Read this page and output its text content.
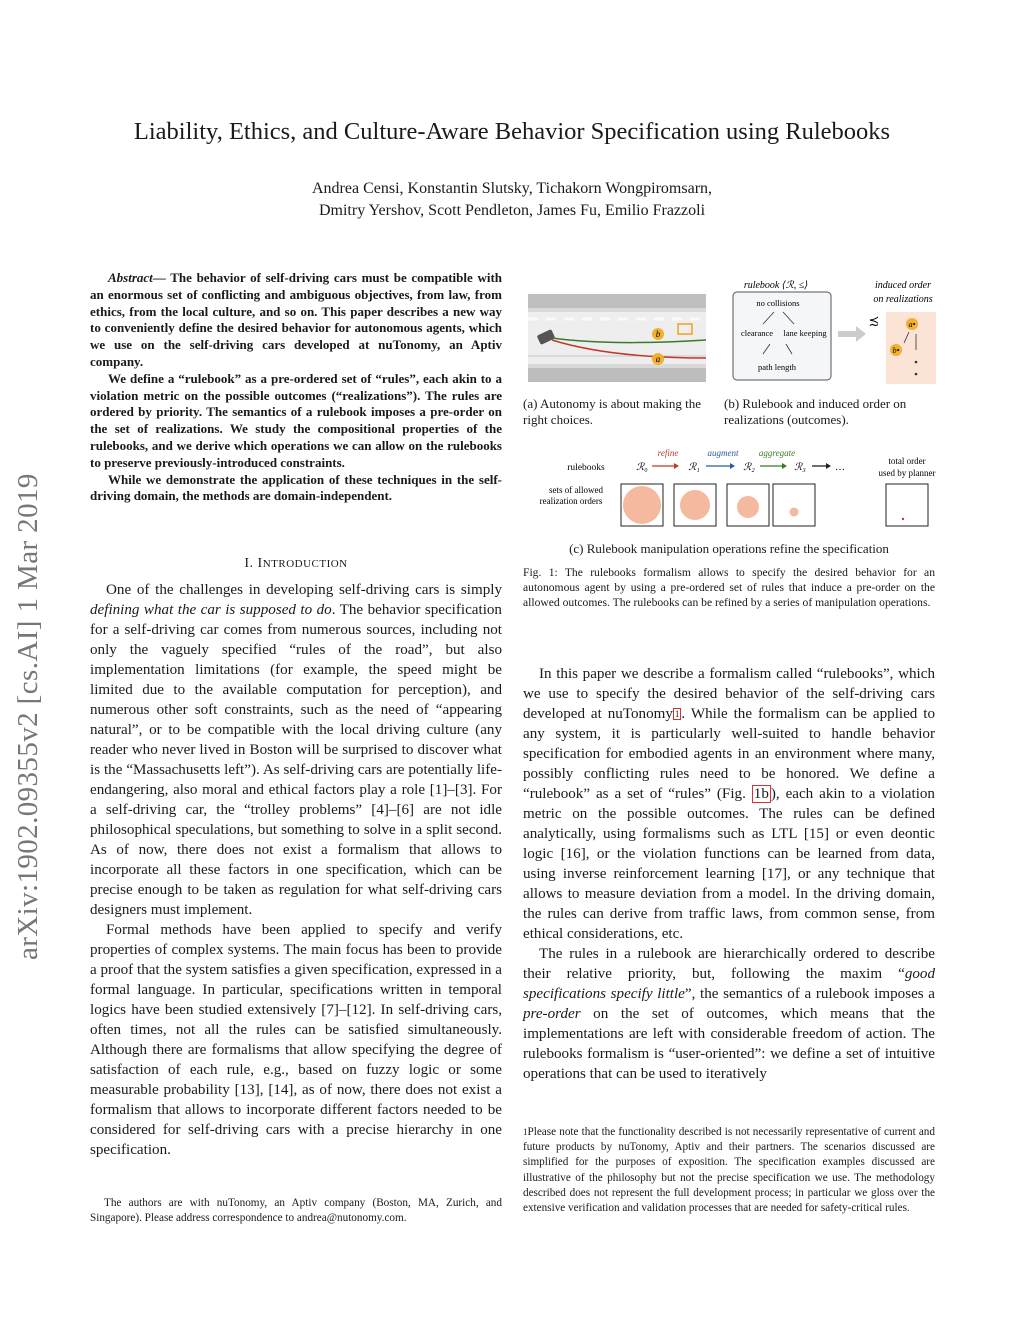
Liability, Ethics, and Culture-Aware Behavior Specification using Rulebooks
Andrea Censi, Konstantin Slutsky, Tichakorn Wongpiromsarn,
Dmitry Yershov, Scott Pendleton, James Fu, Emilio Frazzoli
arXiv:1902.09355v2 [cs.AI] 1 Mar 2019

Abstract— The behavior of self-driving cars must be compatible with an enormous set of conflicting and ambiguous objectives, from law, from ethics, from the local culture, and so on. This paper describes a new way to conveniently define the desired behavior for autonomous agents, which we use on the self-driving cars developed at nuTonomy, an Aptiv company.

We define a “rulebook” as a pre-ordered set of “rules”, each akin to a violation metric on the possible outcomes (“realizations”). The rules are ordered by priority. The semantics of a rulebook imposes a pre-order on the set of realizations. We study the compositional properties of the rulebooks, and we derive which operations we can allow on the rulebooks to preserve previously-introduced constraints.

While we demonstrate the application of these techniques in the self-driving domain, the methods are domain-independent.

I. INTRODUCTION

One of the challenges in developing self-driving cars is simply defining what the car is supposed to do. The behavior specification for a self-driving car comes from numerous sources, including not only the vaguely specified “rules of the road”, but also implementation limitations (for example, the speed might be limited due to the available computation for perception), and numerous other soft constraints, such as the need of “appearing natural”, or to be compatible with the local driving culture (any reader who never lived in Boston will be surprised to discover what is the “Massachusetts left”). As self-driving cars are potentially life-endangering, also moral and ethical factors play a role [1]–[3]. For a self-driving car, the “trolley problems” [4]–[6] are not idle philosophical speculations, but something to solve in a split second. As of now, there does not exist a formalism that allows to incorporate all these factors in one specification, which can be precise enough to be taken as regulation for what self-driving cars designers must implement.

Formal methods have been applied to specify and verify properties of complex systems. The main focus has been to provide a proof that the system satisfies a given specification, expressed in a formal language. In particular, specifications written in temporal logics have been studied extensively [7]–[12]. In self-driving cars, often times, not all the rules can be satisfied simultaneously. Although there are formalisms that allow specifying the degree of satisfaction of each rule, e.g., based on fuzzy logic or some measurable probability [13], [14], as of now, there does not exist a formalism that allows to incorporate different factors needed to be considered for self-driving cars with a precise hierarchy in one specification.

The authors are with nuTonomy, an Aptiv company (Boston, MA, Zurich, and Singapore). Please address correspondence to andrea@nutonomy.com.
b
a
rulebook ⟨ℛ, ≤⟩
no collisions
clearance lane keeping
path length
induced order
on realizations
≾	a•
b•
(a) Autonomy is about making the right choices.
(b) Rulebook and induced order on realizations (outcomes).
rulebooks
sets of allowed
realization orders
refine	augment aggregate
ℛ₀	ℛ₁	ℛ₂	ℛ₃	…
total order
used by planner
(c) Rulebook manipulation operations refine the specification
Fig. 1: The rulebooks formalism allows to specify the desired behavior for an autonomous agent by using a pre-ordered set of rules that induce a pre-order on the allowed outcomes. The rulebooks can be refined by a series of manipulation operations.

In this paper we describe a formalism called “rulebooks”, which we use to specify the desired behavior of the self-driving cars developed at nuTonomy $^1$ . While the formalism can be applied to any system, it is particularly well-suited to handle behavior specification for embodied agents in an environment where many, possibly conflicting rules need to be honored. We define a “rulebook” as a set of “rules” (Fig. 1b ), each akin to a violation metric on the possible outcomes. The rules can be defined analytically, using formalisms such as LTL [15] or even deontic logic [16], or the violation functions can be learned from data, using inverse reinforcement learning [17], or any technique that allows to measure deviation from a model. In the driving domain, the rules can derive from traffic laws, from common sense, from ethical considerations, etc.

The rules in a rulebook are hierarchically ordered to describe their relative priority, but, following the maxim “good specifications specify little”, the semantics of a rulebook imposes a pre-order on the set of outcomes, which means that the implementations are left with considerable freedom of action. The rulebooks formalism is “user-oriented”: we define a set of intuitive operations that can be used to iteratively

$^1$Please note that the functionality described is not necessarily representative of current and future products by nuTonomy, Aptiv and their partners. The scenarios discussed are simplified for the purposes of exposition. The specification examples discussed are illustrative of the philosophy but not the precise specification we use. The methodology described does not represent the full development process; in particular we gloss over the extensive verification and validation processes that are needed for safety-critical rules.
